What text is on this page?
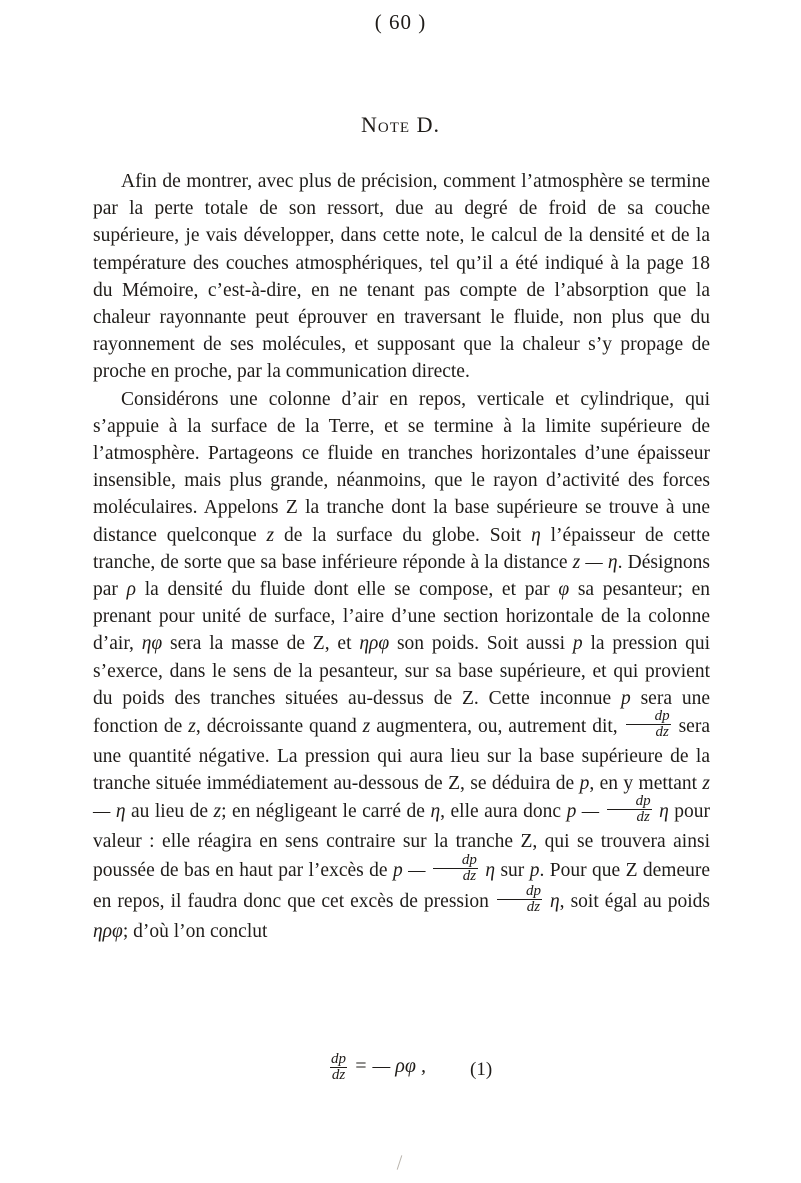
( 60 )
Note D.

Afin de montrer, avec plus de précision, comment l’atmosphère se termine par la perte totale de son ressort, due au degré de froid de sa couche supérieure, je vais développer, dans cette note, le calcul de la densité et de la température des couches atmosphériques, tel qu’il a été indiqué à la page 18 du Mémoire, c’est-à-dire, en ne tenant pas compte de l’absorption que la chaleur rayonnante peut éprouver en traversant le fluide, non plus que du rayonnement de ses molécules, et supposant que la chaleur s’y propage de proche en proche, par la communication directe.

Considérons une colonne d’air en repos, verticale et cylindrique, qui s’appuie à la surface de la Terre, et se termine à la limite supérieure de l’atmosphère. Partageons ce fluide en tranches horizontales d’une épaisseur insensible, mais plus grande, néanmoins, que le rayon d’activité des forces moléculaires. Appelons Z la tranche dont la base supérieure se trouve à une distance quelconque z de la surface du globe. Soit η l’épaisseur de cette tranche, de sorte que sa base inférieure réponde à la distance z — η. Désignons par ρ la densité du fluide dont elle se compose, et par φ sa pesanteur; en prenant pour unité de surface, l’aire d’une section horizontale de la colonne d’air, ηφ sera la masse de Z, et ηρφ son poids. Soit aussi p la pression qui s’exerce, dans le sens de la pesanteur, sur sa base supérieure, et qui provient du poids des tranches situées au-dessus de Z. Cette inconnue p sera une fonction de z, décroissante quand z augmentera, ou, autrement dit, $\frac{dp}{dz}$ sera une quantité négative. La pression qui aura lieu sur la base supérieure de la tranche située immédiatement au-dessous de Z, se déduira de p, en y mettant z — η au lieu de z; en négligeant le carré de η, elle aura donc p — $\frac{dp}{dz}$ η pour valeur : elle réagira en sens contraire sur la tranche Z, qui se trouvera ainsi poussée de bas en haut par l’excès de p — $\frac{dp}{dz}$ η sur p. Pour que Z demeure en repos, il faudra donc que cet excès de pression $\frac{dp}{dz} \eta$, soit égal au poids ηρφ; d’où l’on conclut

$\frac{dp}{dz}$ = — ρφ , (1)
